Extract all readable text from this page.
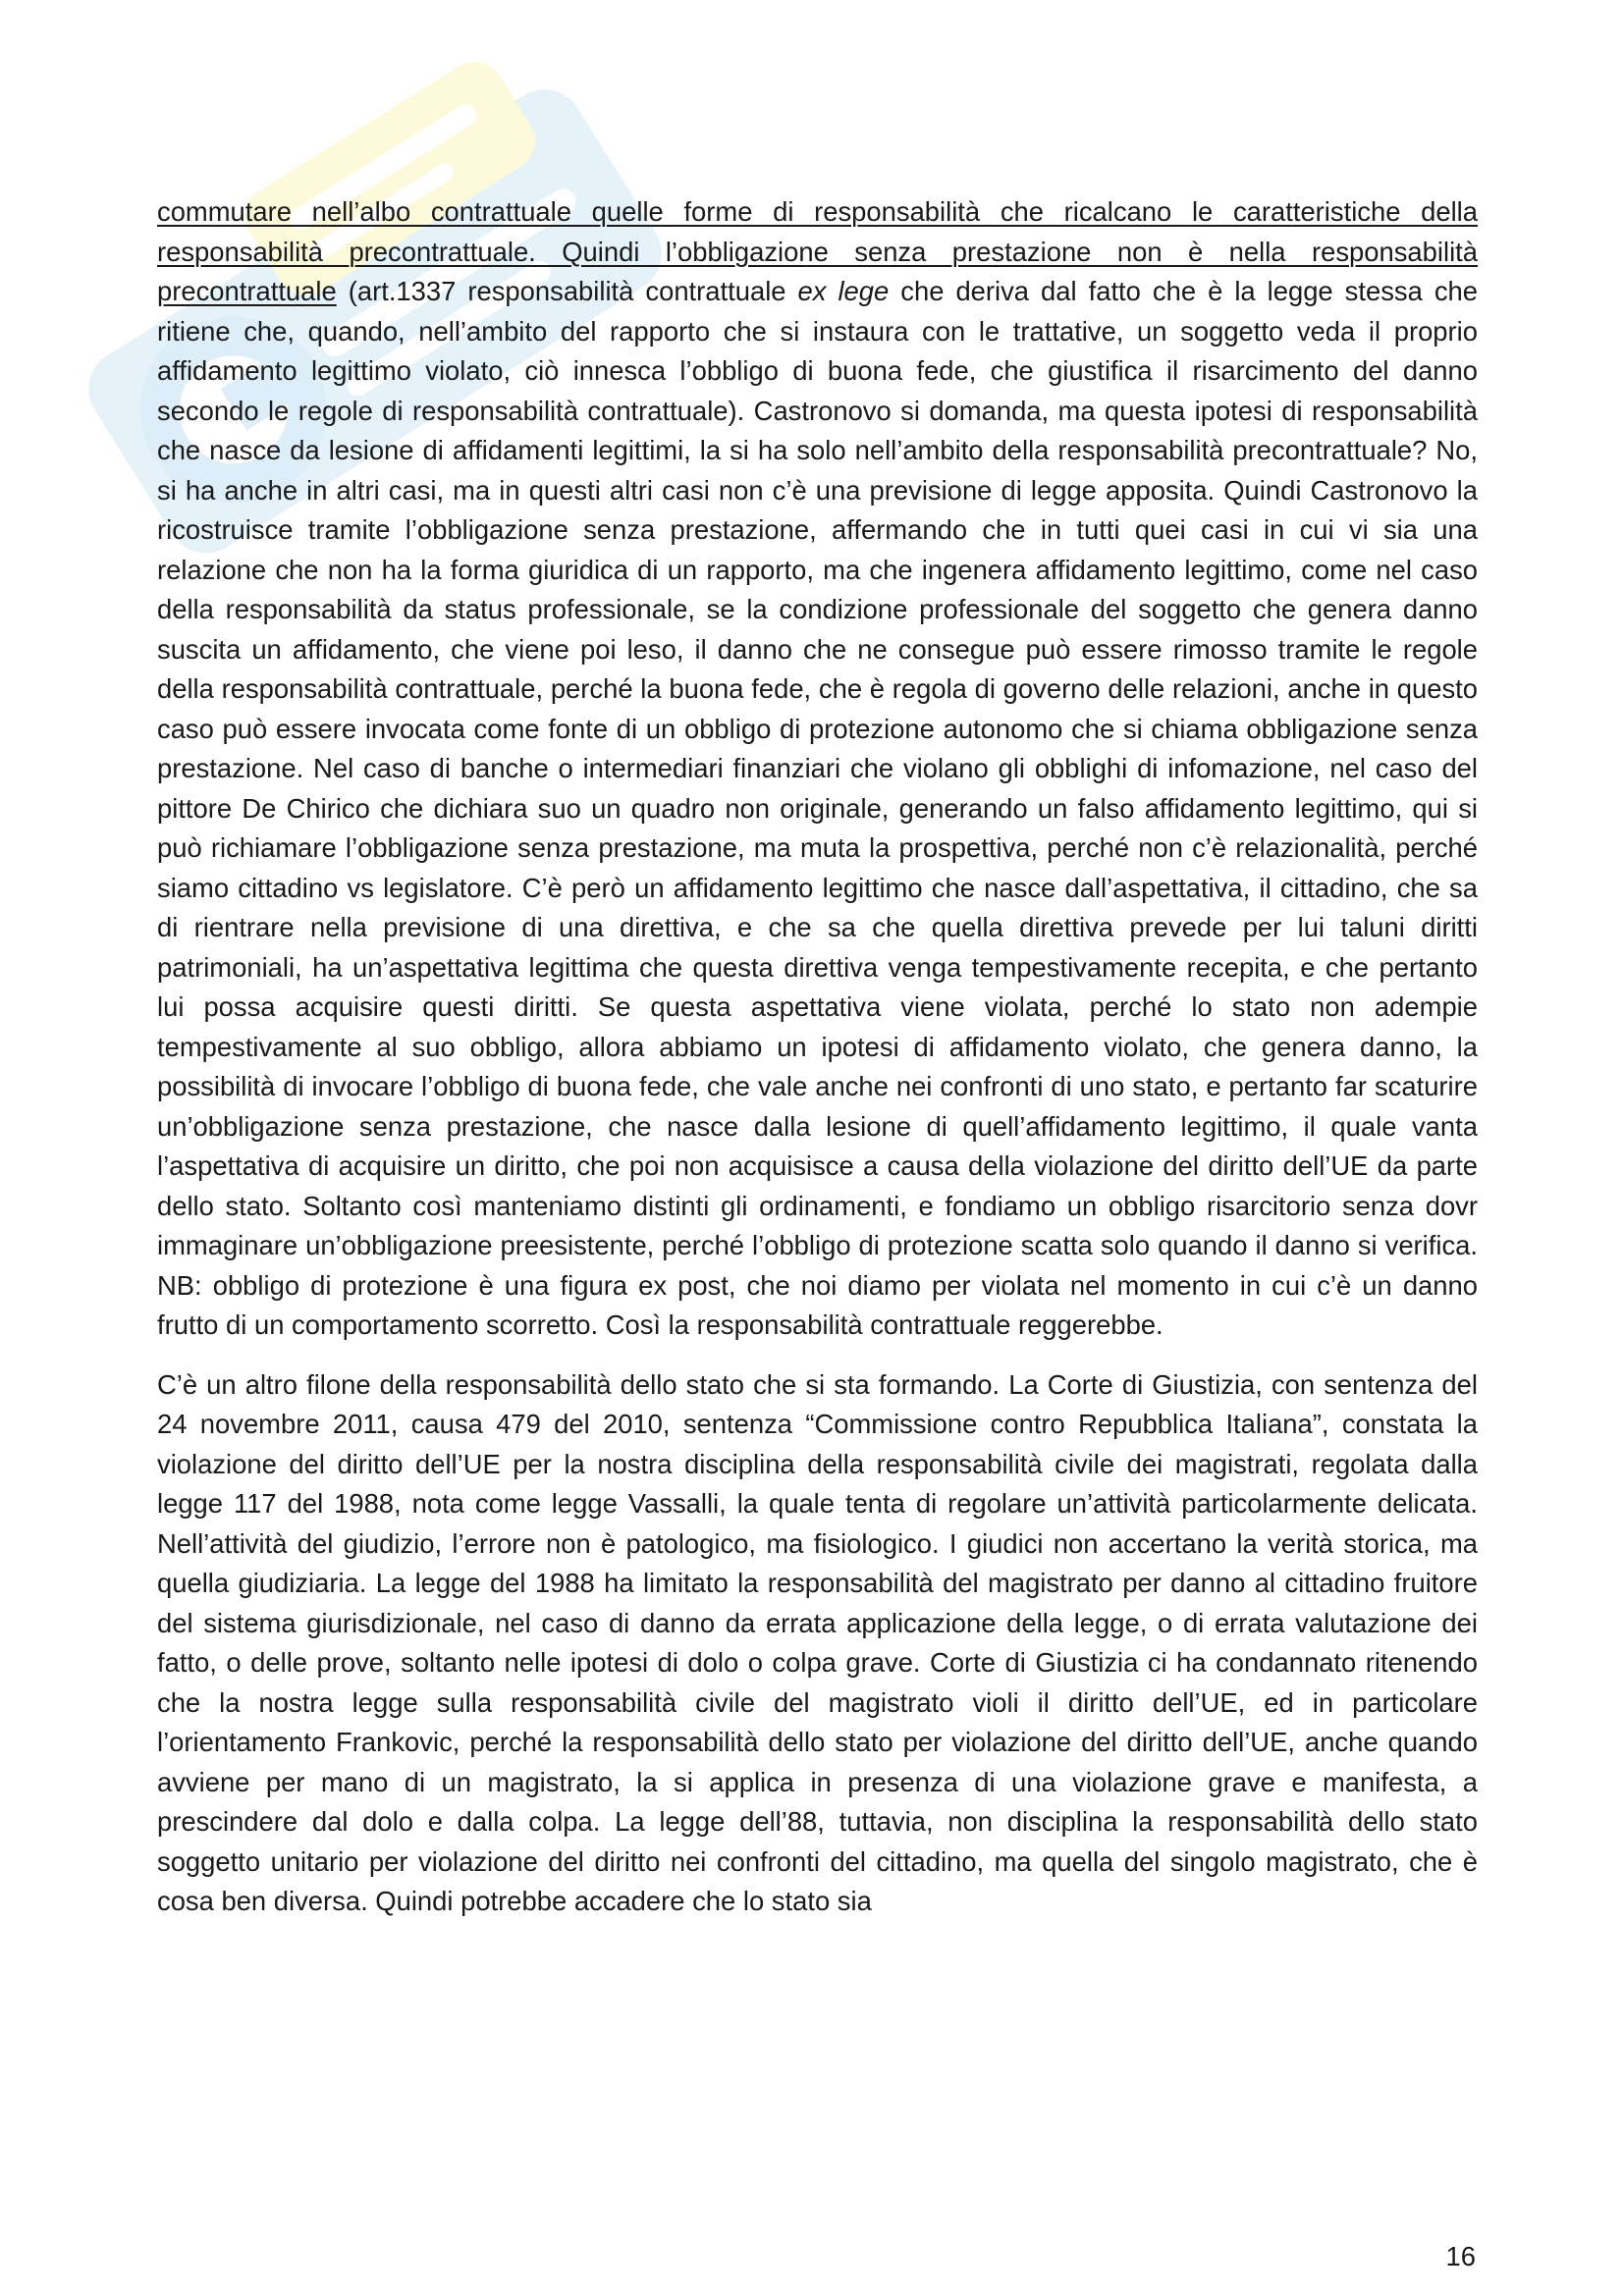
commutare nell’albo contrattuale quelle forme di responsabilità che ricalcano le caratteristiche della responsabilità precontrattuale. Quindi l’obbligazione senza prestazione non è nella responsabilità precontrattuale (art.1337 responsabilità contrattuale ex lege che deriva dal fatto che è la legge stessa che ritiene che, quando, nell’ambito del rapporto che si instaura con le trattative, un soggetto veda il proprio affidamento legittimo violato, ciò innesca l’obbligo di buona fede, che giustifica il risarcimento del danno secondo le regole di responsabilità contrattuale). Castronovo si domanda, ma questa ipotesi di responsabilità che nasce da lesione di affidamenti legittimi, la si ha solo nell’ambito della responsabilità precontrattuale? No, si ha anche in altri casi, ma in questi altri casi non c’è una previsione di legge apposita. Quindi Castronovo la ricostruisce tramite l’obbligazione senza prestazione, affermando che in tutti quei casi in cui vi sia una relazione che non ha la forma giuridica di un rapporto, ma che ingenera affidamento legittimo, come nel caso della responsabilità da status professionale, se la condizione professionale del soggetto che genera danno suscita un affidamento, che viene poi leso, il danno che ne consegue può essere rimosso tramite le regole della responsabilità contrattuale, perché la buona fede, che è regola di governo delle relazioni, anche in questo caso può essere invocata come fonte di un obbligo di protezione autonomo che si chiama obbligazione senza prestazione. Nel caso di banche o intermediari finanziari che violano gli obblighi di infomazione, nel caso del pittore De Chirico che dichiara suo un quadro non originale, generando un falso affidamento legittimo, qui si può richiamare l’obbligazione senza prestazione, ma muta la prospettiva, perché non c’è relazionalità, perché siamo cittadino vs legislatore. C’è però un affidamento legittimo che nasce dall’aspettativa, il cittadino, che sa di rientrare nella previsione di una direttiva, e che sa che quella direttiva prevede per lui taluni diritti patrimoniali, ha un’aspettativa legittima che questa direttiva venga tempestivamente recepita, e che pertanto lui possa acquisire questi diritti. Se questa aspettativa viene violata, perché lo stato non adempie tempestivamente al suo obbligo, allora abbiamo un ipotesi di affidamento violato, che genera danno, la possibilità di invocare l’obbligo di buona fede, che vale anche nei confronti di uno stato, e pertanto far scaturire un’obbligazione senza prestazione, che nasce dalla lesione di quell’affidamento legittimo, il quale vanta l’aspettativa di acquisire un diritto, che poi non acquisisce a causa della violazione del diritto dell’UE da parte dello stato. Soltanto così manteniamo distinti gli ordinamenti, e fondiamo un obbligo risarcitorio senza dovr immaginare un’obbligazione preesistente, perché l’obbligo di protezione scatta solo quando il danno si verifica. NB: obbligo di protezione è una figura ex post, che noi diamo per violata nel momento in cui c’è un danno frutto di un comportamento scorretto. Così la responsabilità contrattuale reggerebbe.

C’è un altro filone della responsabilità dello stato che si sta formando. La Corte di Giustizia, con sentenza del 24 novembre 2011, causa 479 del 2010, sentenza “Commissione contro Repubblica Italiana”, constata la violazione del diritto dell’UE per la nostra disciplina della responsabilità civile dei magistrati, regolata dalla legge 117 del 1988, nota come legge Vassalli, la quale tenta di regolare un’attività particolarmente delicata. Nell’attività del giudizio, l’errore non è patologico, ma fisiologico. I giudici non accertano la verità storica, ma quella giudiziaria. La legge del 1988 ha limitato la responsabilità del magistrato per danno al cittadino fruitore del sistema giurisdizionale, nel caso di danno da errata applicazione della legge, o di errata valutazione dei fatto, o delle prove, soltanto nelle ipotesi di dolo o colpa grave. Corte di Giustizia ci ha condannato ritenendo che la nostra legge sulla responsabilità civile del magistrato violi il diritto dell’UE, ed in particolare l’orientamento Frankovic, perché la responsabilità dello stato per violazione del diritto dell’UE, anche quando avviene per mano di un magistrato, la si applica in presenza di una violazione grave e manifesta, a prescindere dal dolo e dalla colpa. La legge dell’88, tuttavia, non disciplina la responsabilità dello stato soggetto unitario per violazione del diritto nei confronti del cittadino, ma quella del singolo magistrato, che è cosa ben diversa. Quindi potrebbe accadere che lo stato sia

16
